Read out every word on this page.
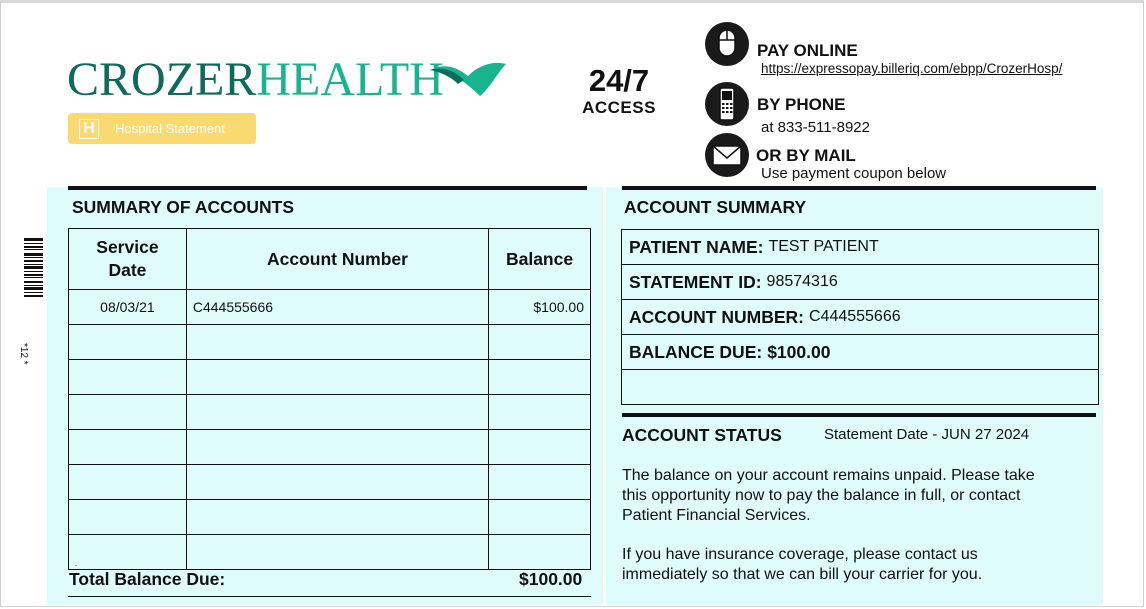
CROZERHEALTH
H	Hospital Statement
24/7
ACCESS
PAY ONLINE
https://expressopay.billeriq.com/ebpp/CrozerHosp/
BY PHONE
at 833-511-8922
OR BY MAIL
Use payment coupon below
*12 *
SUMMARY OF ACCOUNTS
Service
Date	Account Number	Balance
08/03/21	C444555666	$100.00

.		
Total Balance Due:	$100.00
ACCOUNT SUMMARY
PATIENT NAME: TEST PATIENT
STATEMENT ID: 98574316
ACCOUNT NUMBER: C444555666
BALANCE DUE: $100.00
ACCOUNT STATUS	Statement Date - JUN 27 2024
The balance on your account remains unpaid. Please take this opportunity now to pay the balance in full, or contact Patient Financial Services.
If you have insurance coverage, please contact us immediately so that we can bill your carrier for you.
